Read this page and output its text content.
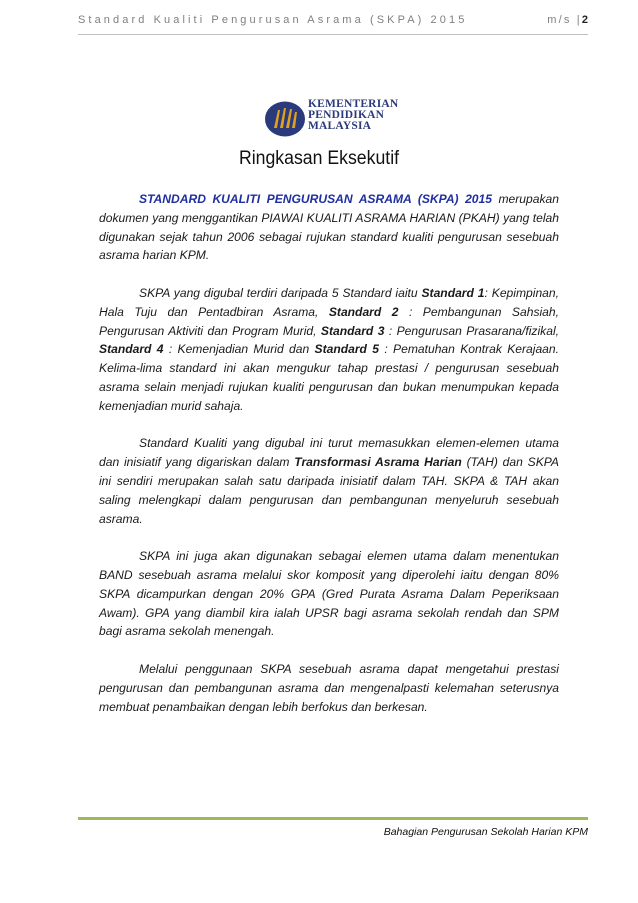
Standard Kualiti Pengurusan Asrama (SKPA) 2015	m/s |2
KEMENTERIAN
PENDIDIKAN
MALAYSIA
Ringkasan Eksekutif

STANDARD KUALITI PENGURUSAN ASRAMA (SKPA) 2015 merupakan dokumen yang menggantikan PIAWAI KUALITI ASRAMA HARIAN (PKAH) yang telah digunakan sejak tahun 2006 sebagai rujukan standard kualiti pengurusan sesebuah asrama harian KPM.

SKPA yang digubal terdiri daripada 5 Standard iaitu Standard 1: Kepimpinan, Hala Tuju dan Pentadbiran Asrama, Standard 2 : Pembangunan Sahsiah, Pengurusan Aktiviti dan Program Murid, Standard 3 : Pengurusan Prasarana/fizikal, Standard 4 : Kemenjadian Murid dan Standard 5 : Pematuhan Kontrak Kerajaan. Kelima-lima standard ini akan mengukur tahap prestasi / pengurusan sesebuah asrama selain menjadi rujukan kualiti pengurusan dan bukan menumpukan kepada kemenjadian murid sahaja.

Standard Kualiti yang digubal ini turut memasukkan elemen-elemen utama dan inisiatif yang digariskan dalam Transformasi Asrama Harian (TAH) dan SKPA ini sendiri merupakan salah satu daripada inisiatif dalam TAH. SKPA & TAH akan saling melengkapi dalam pengurusan dan pembangunan menyeluruh sesebuah asrama.

SKPA ini juga akan digunakan sebagai elemen utama dalam menentukan BAND sesebuah asrama melalui skor komposit yang diperolehi iaitu dengan 80% SKPA dicampurkan dengan 20% GPA (Gred Purata Asrama Dalam Peperiksaan Awam). GPA yang diambil kira ialah UPSR bagi asrama sekolah rendah dan SPM bagi asrama sekolah menengah.

Melalui penggunaan SKPA sesebuah asrama dapat mengetahui prestasi pengurusan dan pembangunan asrama dan mengenalpasti kelemahan seterusnya membuat penambaikan dengan lebih berfokus dan berkesan.

Bahagian Pengurusan Sekolah Harian KPM
